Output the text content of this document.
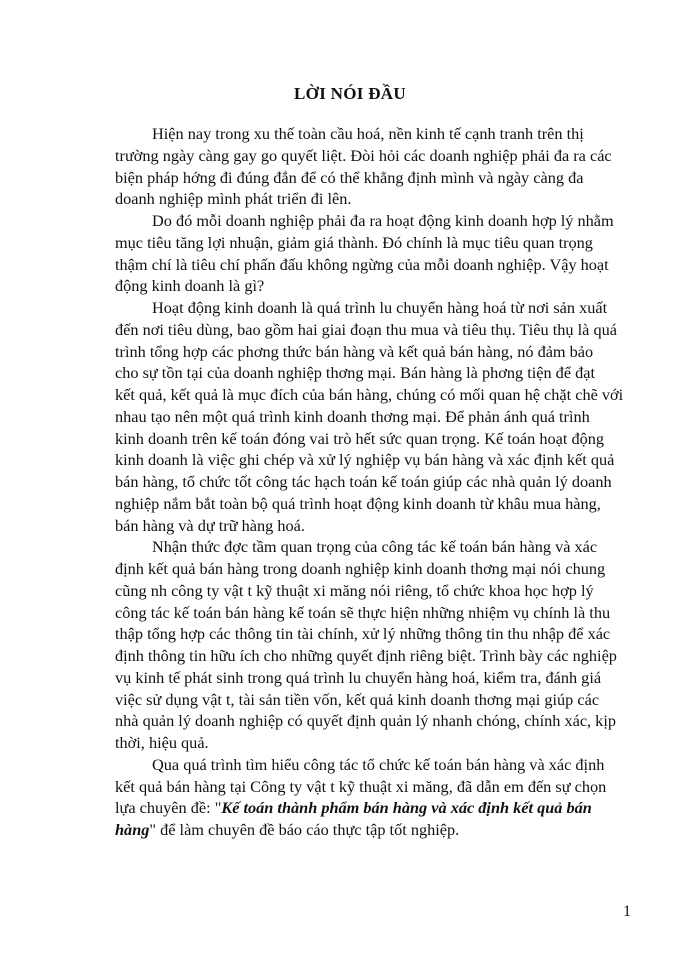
LỜI NÓI ĐẦU
Hiện nay trong xu thế toàn cầu hoá, nền kinh tế cạnh tranh trên thị
trường ngày càng gay go quyết liệt. Đòi hỏi các doanh nghiệp phải đa ra các
biện pháp hớng đi đúng đắn để có thể khẳng định mình và ngày càng đa
doanh nghiệp mình phát triển đi lên.
Do đó mỗi doanh nghiệp phải đa ra hoạt động kinh doanh hợp lý nhằm
mục tiêu tăng lợi nhuận, giảm giá thành. Đó chính là mục tiêu quan trọng
thậm chí là tiêu chí phấn đấu không ngừng của mỗi doanh nghiệp. Vậy hoạt
động kinh doanh là gì?
Hoạt động kinh doanh là quá trình lu chuyển hàng hoá từ nơi sản xuất
đến nơi tiêu dùng, bao gồm hai giai đoạn thu mua và tiêu thụ. Tiêu thụ là quá
trình tổng hợp các phơng thức bán hàng và kết quả bán hàng, nó đảm bảo
cho sự tồn tại của doanh nghiệp thơng mại. Bán hàng là phơng tiện để đạt
kết quả, kết quả là mục đích của bán hàng, chúng có mối quan hệ chặt chẽ với
nhau tạo nên một quá trình kinh doanh thơng mại. Để phản ánh quá trình
kinh doanh trên kế toán đóng vai trò hết sức quan trọng. Kế toán hoạt động
kinh doanh là việc ghi chép và xử lý nghiệp vụ bán hàng và xác định kết quả
bán hàng, tổ chức tốt công tác hạch toán kế toán giúp các nhà quản lý doanh
nghiệp nắm bắt toàn bộ quá trình hoạt động kinh doanh từ khâu mua hàng,
bán hàng và dự trữ hàng hoá.
Nhận thức đợc tầm quan trọng của công tác kế toán bán hàng và xác
định kết quả bán hàng trong doanh nghiệp kinh doanh thơng mại nói chung
cũng nh công ty vật t kỹ thuật xi măng nói riêng, tổ chức khoa học hợp lý
công tác kế toán bán hàng kế toán sẽ thực hiện những nhiệm vụ chính là thu
thập tổng hợp các thông tin tài chính, xử lý những thông tin thu nhập để xác
định thông tin hữu ích cho những quyết định riêng biệt. Trình bày các nghiệp
vụ kinh tế phát sinh trong quá trình lu chuyển hàng hoá, kiểm tra, đánh giá
việc sử dụng vật t, tài sản tiền vốn, kết quả kinh doanh thơng mại giúp các
nhà quản lý doanh nghiệp có quyết định quản lý nhanh chóng, chính xác, kịp
thời, hiệu quả.
Qua quá trình tìm hiểu công tác tổ chức kế toán bán hàng và xác định
kết quả bán hàng tại Công ty vật t kỹ thuật xi măng, đã dẫn em đến sự chọn
lựa chuyên đề: "Kế toán thành phẩm bán hàng và xác định kết quả bán
hàng" để làm chuyên đề báo cáo thực tập tốt nghiệp.
1
